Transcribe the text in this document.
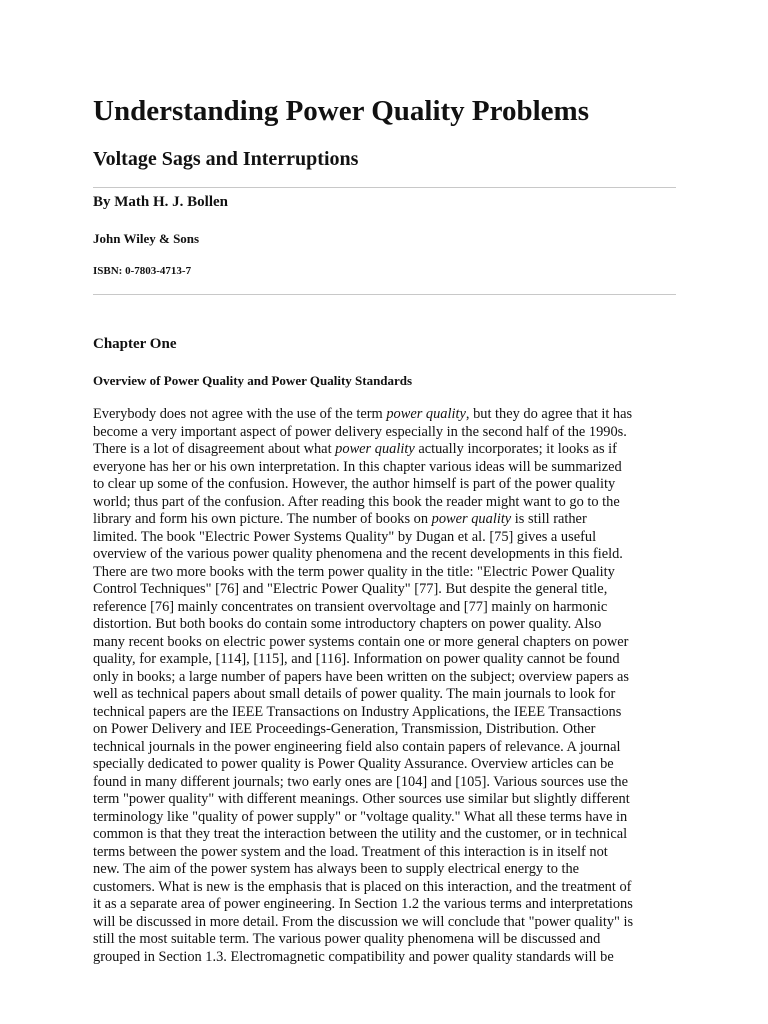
Understanding Power Quality Problems
Voltage Sags and Interruptions

By Math H. J. Bollen

John Wiley & Sons

ISBN: 0-7803-4713-7

Chapter One
Overview of Power Quality and Power Quality Standards
Everybody does not agree with the use of the term power quality, but they do agree that it has
become a very important aspect of power delivery especially in the second half of the 1990s.
There is a lot of disagreement about what power quality actually incorporates; it looks as if
everyone has her or his own interpretation. In this chapter various ideas will be summarized
to clear up some of the confusion. However, the author himself is part of the power quality
world; thus part of the confusion. After reading this book the reader might want to go to the
library and form his own picture. The number of books on power quality is still rather
limited. The book "Electric Power Systems Quality" by Dugan et al. [75] gives a useful
overview of the various power quality phenomena and the recent developments in this field.
There are two more books with the term power quality in the title: "Electric Power Quality
Control Techniques" [76] and "Electric Power Quality" [77]. But despite the general title,
reference [76] mainly concentrates on transient overvoltage and [77] mainly on harmonic
distortion. But both books do contain some introductory chapters on power quality. Also
many recent books on electric power systems contain one or more general chapters on power
quality, for example, [114], [115], and [116]. Information on power quality cannot be found
only in books; a large number of papers have been written on the subject; overview papers as
well as technical papers about small details of power quality. The main journals to look for
technical papers are the IEEE Transactions on Industry Applications, the IEEE Transactions
on Power Delivery and IEE Proceedings-Generation, Transmission, Distribution. Other
technical journals in the power engineering field also contain papers of relevance. A journal
specially dedicated to power quality is Power Quality Assurance. Overview articles can be
found in many different journals; two early ones are [104] and [105]. Various sources use the
term "power quality" with different meanings. Other sources use similar but slightly different
terminology like "quality of power supply" or "voltage quality." What all these terms have in
common is that they treat the interaction between the utility and the customer, or in technical
terms between the power system and the load. Treatment of this interaction is in itself not
new. The aim of the power system has always been to supply electrical energy to the
customers. What is new is the emphasis that is placed on this interaction, and the treatment of
it as a separate area of power engineering. In Section 1.2 the various terms and interpretations
will be discussed in more detail. From the discussion we will conclude that "power quality" is
still the most suitable term. The various power quality phenomena will be discussed and
grouped in Section 1.3. Electromagnetic compatibility and power quality standards will be
